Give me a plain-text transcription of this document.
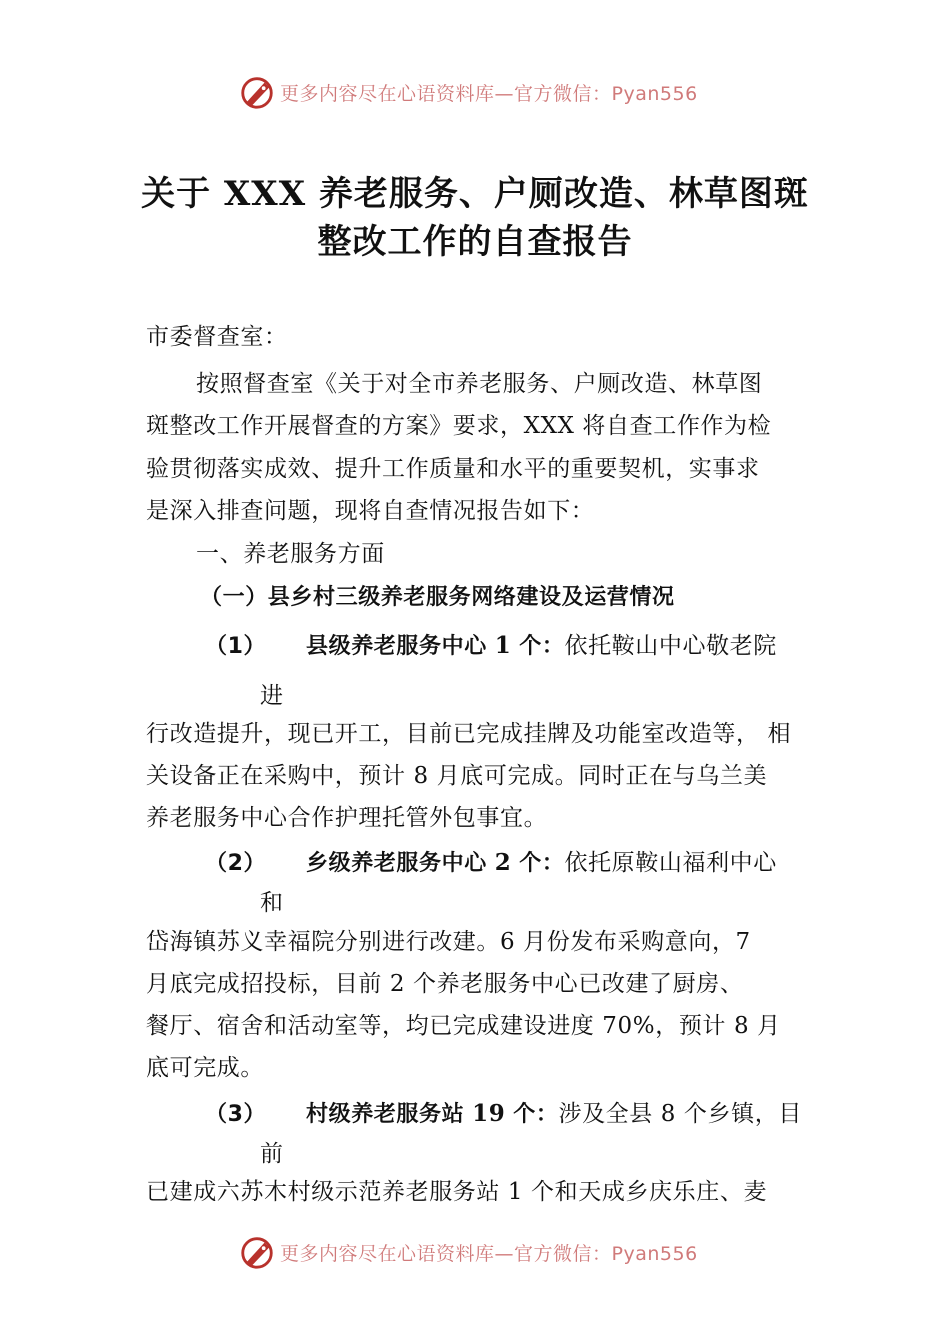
更多内容尽在心语资料库—官方微信：Pyan556
关于 XXX 养老服务、户厕改造、林草图斑
整改工作的自查报告
市委督查室：
按照督查室《关于对全市养老服务、户厕改造、林草图
斑整改工作开展督查的方案》要求，XXX 将自查工作作为检
验贯彻落实成效、提升工作质量和水平的重要契机，实事求
是深入排查问题，现将自查情况报告如下：
一、养老服务方面
（一）县乡村三级养老服务网络建设及运营情况
（1） 县级养老服务中心 1 个：依托鞍山中心敬老院
进
行改造提升，现已开工，目前已完成挂牌及功能室改造等， 相
关设备正在采购中，预计 8 月底可完成。同时正在与乌兰美
养老服务中心合作护理托管外包事宜。
（2） 乡级养老服务中心 2 个：依托原鞍山福利中心
和
岱海镇苏义幸福院分别进行改建。6 月份发布采购意向，7
月底完成招投标，目前 2 个养老服务中心已改建了厨房、
餐厅、宿舍和活动室等，均已完成建设进度 70%，预计 8 月
底可完成。
（3） 村级养老服务站 19 个：涉及全县 8 个乡镇，目
前
已建成六苏木村级示范养老服务站 1 个和天成乡庆乐庄、麦
更多内容尽在心语资料库—官方微信：Pyan556
